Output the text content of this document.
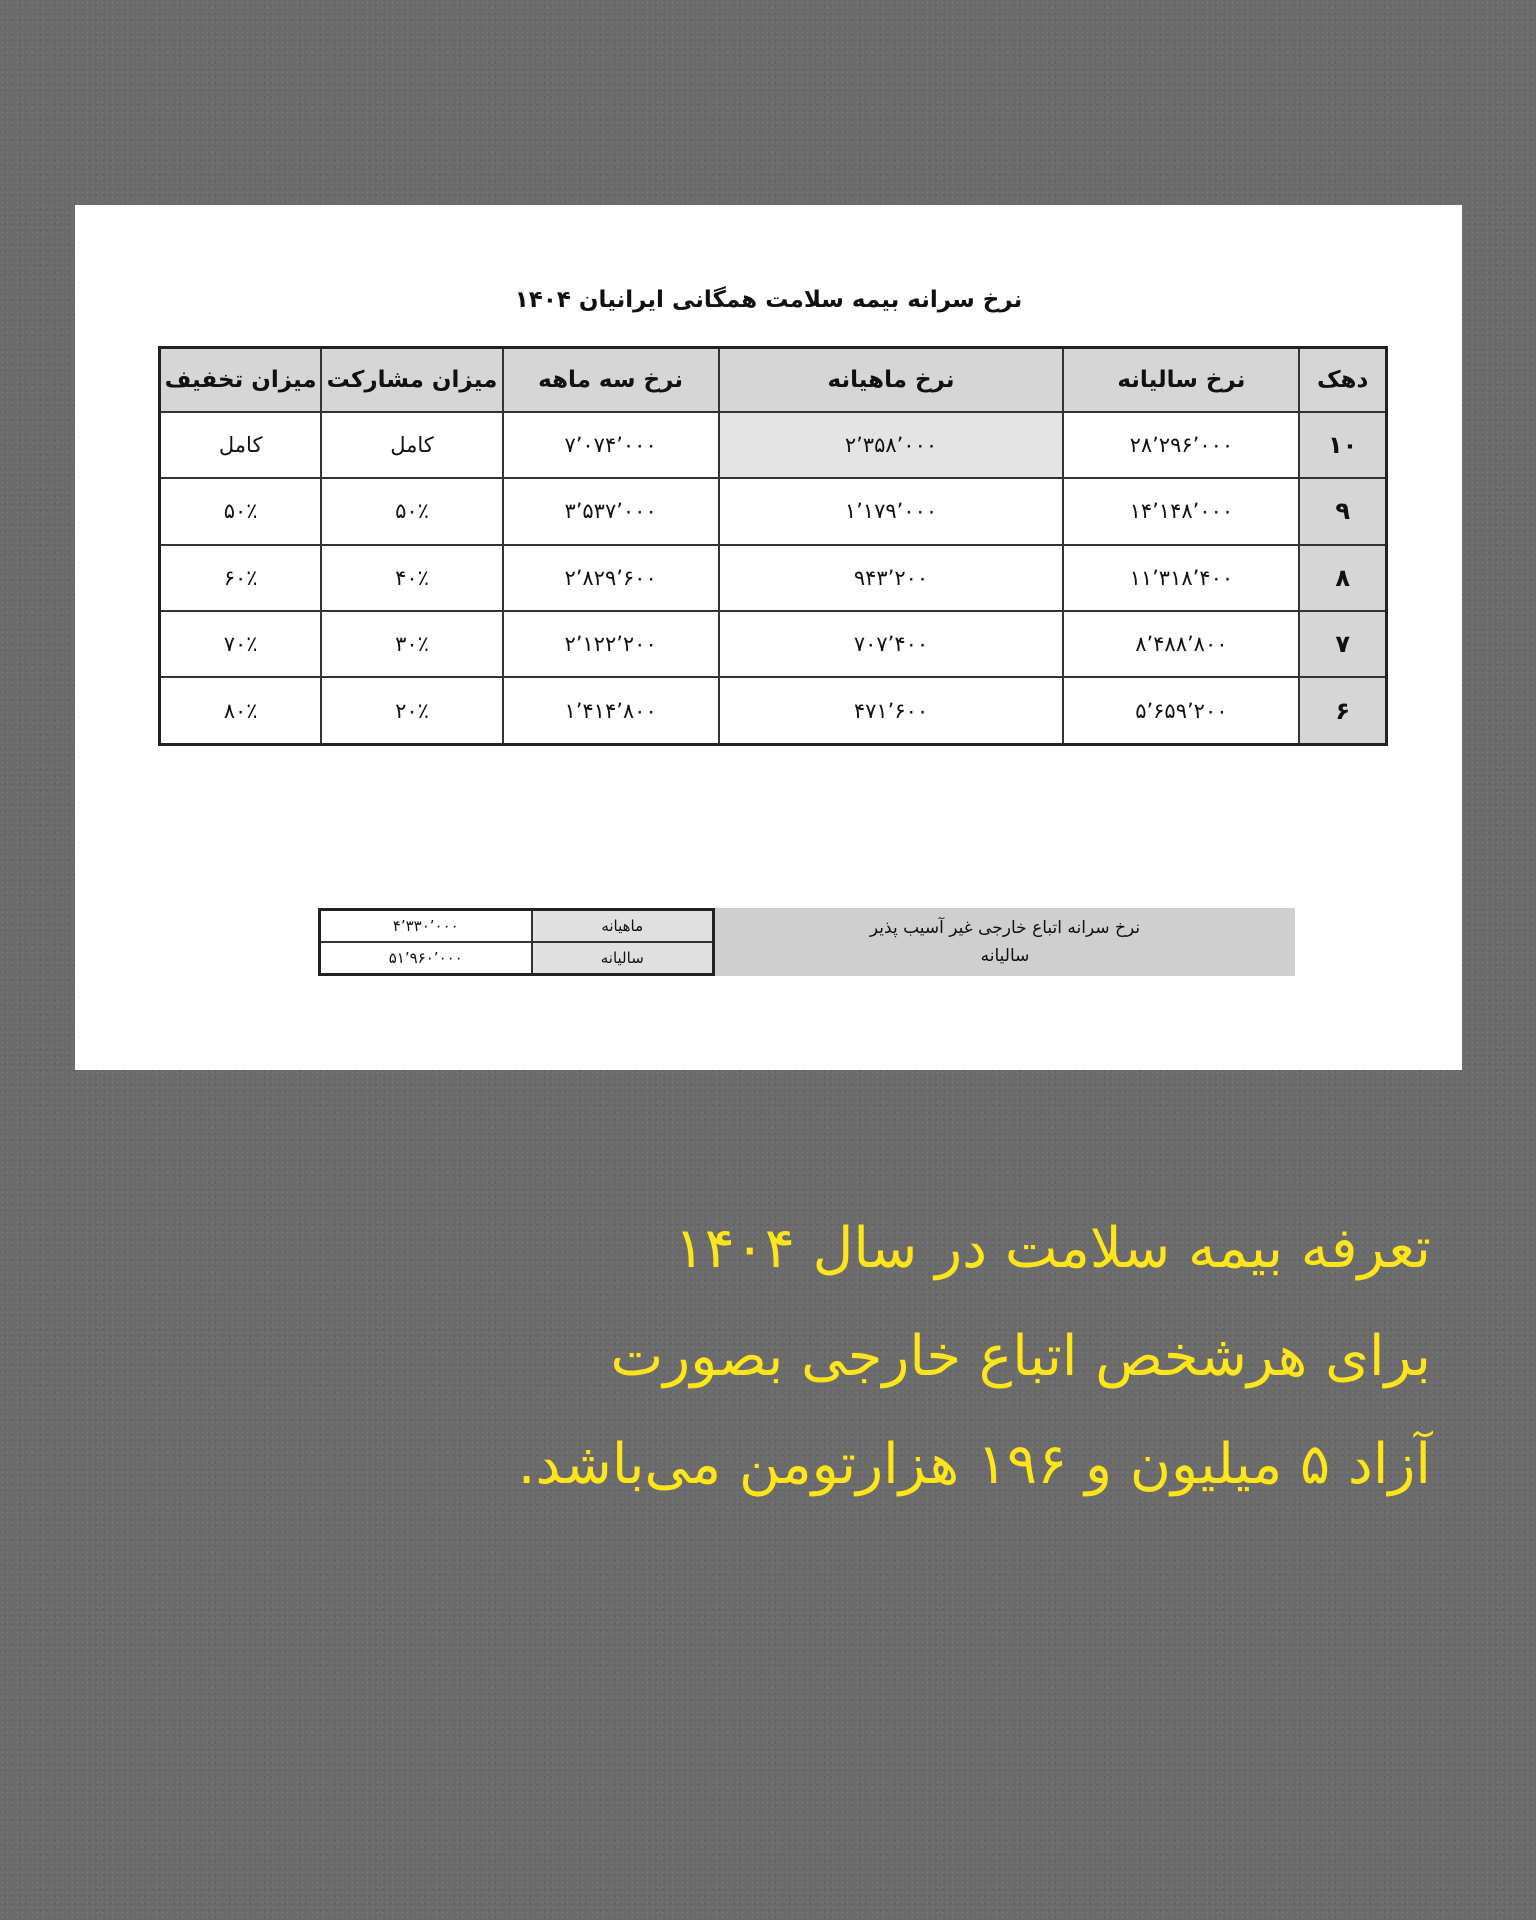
نرخ سرانه بیمه سلامت همگانی ایرانیان ۱۴۰۴
دهک	نرخ سالیانه	نرخ ماهیانه	نرخ سه ماهه	میزان مشارکت	میزان تخفیف
۱۰	۲۸٬۲۹۶٬۰۰۰	۲٬۳۵۸٬۰۰۰	۷٬۰۷۴٬۰۰۰	کامل	کامل
۹	۱۴٬۱۴۸٬۰۰۰	۱٬۱۷۹٬۰۰۰	۳٬۵۳۷٬۰۰۰	۵۰٪	۵۰٪
۸	۱۱٬۳۱۸٬۴۰۰	۹۴۳٬۲۰۰	۲٬۸۲۹٬۶۰۰	۴۰٪	۶۰٪
۷	۸٬۴۸۸٬۸۰۰	۷۰۷٬۴۰۰	۲٬۱۲۲٬۲۰۰	۳۰٪	۷۰٪
۶	۵٬۶۵۹٬۲۰۰	۴۷۱٬۶۰۰	۱٬۴۱۴٬۸۰۰	۲۰٪	۸۰٪
نرخ سرانه اتباع خارجی غیر آسیب پذیر
سالیانه
ماهیانه	۴٬۳۳۰٬۰۰۰
سالیانه	۵۱٬۹۶۰٬۰۰۰
تعرفه بیمه سلامت در سال ۱۴۰۴
برای هرشخص اتباع خارجی بصورت
آزاد ۵ میلیون و ۱۹۶ هزارتومن می‌باشد.
